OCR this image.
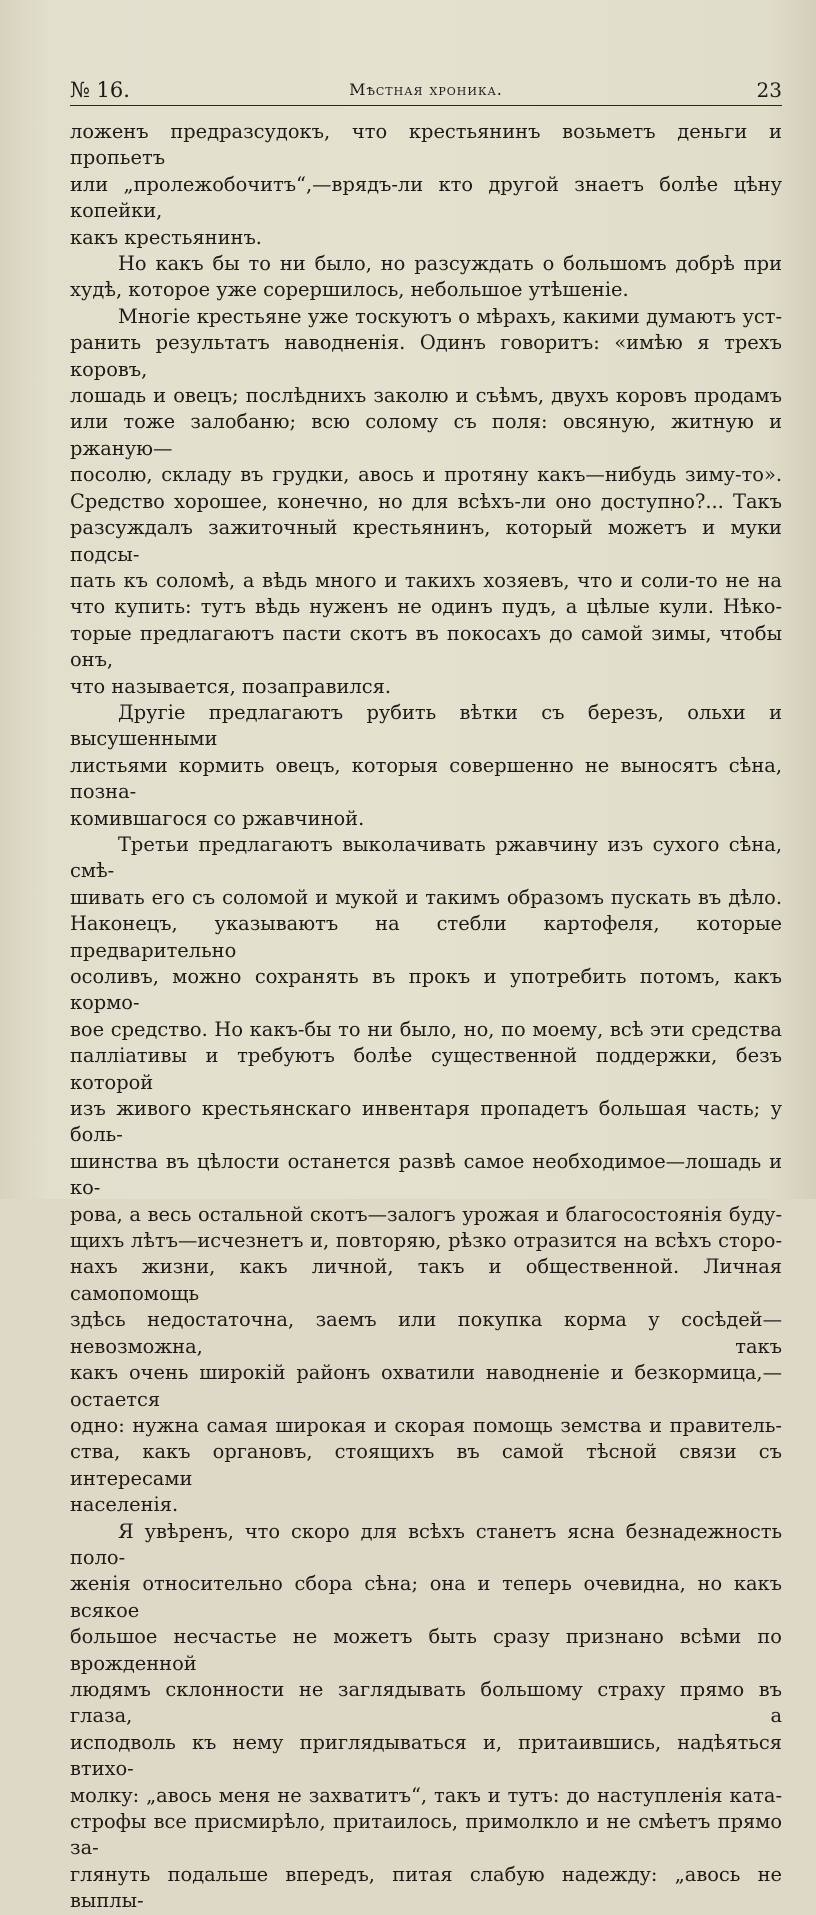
№ 16.	Мѣстная хроника.	23

ложенъ предразсудокъ, что крестьянинъ возьметъ деньги и пропьетъ

или „пролежобочитъ“,—врядъ-ли кто другой знаетъ болѣе цѣну копейки,

какъ крестьянинъ.

Но какъ бы то ни было, но разсуждать о большомъ добрѣ при

худѣ, которое уже сорершилось, небольшое утѣшеніе.

Многіе крестьяне уже тоскуютъ о мѣрахъ, какими думаютъ уст-

ранить результатъ наводненія. Одинъ говоритъ: «имѣю я трехъ коровъ,

лошадь и овецъ; послѣднихъ заколю и съѣмъ, двухъ коровъ продамъ

или тоже залобаню; всю солому съ поля: овсяную, житную и ржаную—

посолю, складу въ грудки, авось и протяну какъ—нибудь зиму-то».

Средство хорошее, конечно, но для всѣхъ-ли оно доступно?... Такъ

разсуждалъ зажиточный крестьянинъ, который можетъ и муки подсы-

пать къ соломѣ, а вѣдь много и такихъ хозяевъ, что и соли-то не на

что купить: тутъ вѣдь нуженъ не одинъ пудъ, а цѣлые кули. Нѣко-

торые предлагаютъ пасти скотъ въ покосахъ до самой зимы, чтобы онъ,

что называется, позаправился.

Другіе предлагаютъ рубить вѣтки съ березъ, ольхи и высушенными

листьями кормить овецъ, которыя совершенно не выносятъ сѣна, позна-

комившагося со ржавчиной.

Третьи предлагаютъ выколачивать ржавчину изъ сухого сѣна, смѣ-

шивать его съ соломой и мукой и такимъ образомъ пускать въ дѣло.

Наконецъ, указываютъ на стебли картофеля, которые предварительно

осоливъ, можно сохранять въ прокъ и употребить потомъ, какъ кормо-

вое средство. Но какъ-бы то ни было, но, по моему, всѣ эти средства

палліативы и требуютъ болѣе существенной поддержки, безъ которой

изъ живого крестьянскаго инвентаря пропадетъ большая часть; у боль-

шинства въ цѣлости останется развѣ самое необходимое—лошадь и ко-

рова, а весь остальной скотъ—залогъ урожая и благосостоянія буду-

щихъ лѣтъ—исчезнетъ и, повторяю, рѣзко отразится на всѣхъ сторо-

нахъ жизни, какъ личной, такъ и общественной. Личная самопомощь

здѣсь недостаточна, заемъ или покупка корма у сосѣдей—невозможна, такъ

какъ очень широкій районъ охватили наводненіе и безкормица,—остается

одно: нужна самая широкая и скорая помощь земства и правитель-

ства, какъ органовъ, стоящихъ въ самой тѣсной связи съ интересами

населенія.

Я увѣренъ, что скоро для всѣхъ станетъ ясна безнадежность поло-

женія относительно сбора сѣна; она и теперь очевидна, но какъ всякое

большое несчастье не можетъ быть сразу признано всѣми по врожденной

людямъ склонности не заглядывать большому страху прямо въ глаза, а

исподволь къ нему приглядываться и, притаившись, надѣяться втихо-

молку: „авось меня не захватитъ“, такъ и тутъ: до наступленія ката-

строфы все присмирѣло, притаилось, примолкло и не смѣетъ прямо за-

глянуть подальше впередъ, питая слабую надежду: „авось не выплы-
